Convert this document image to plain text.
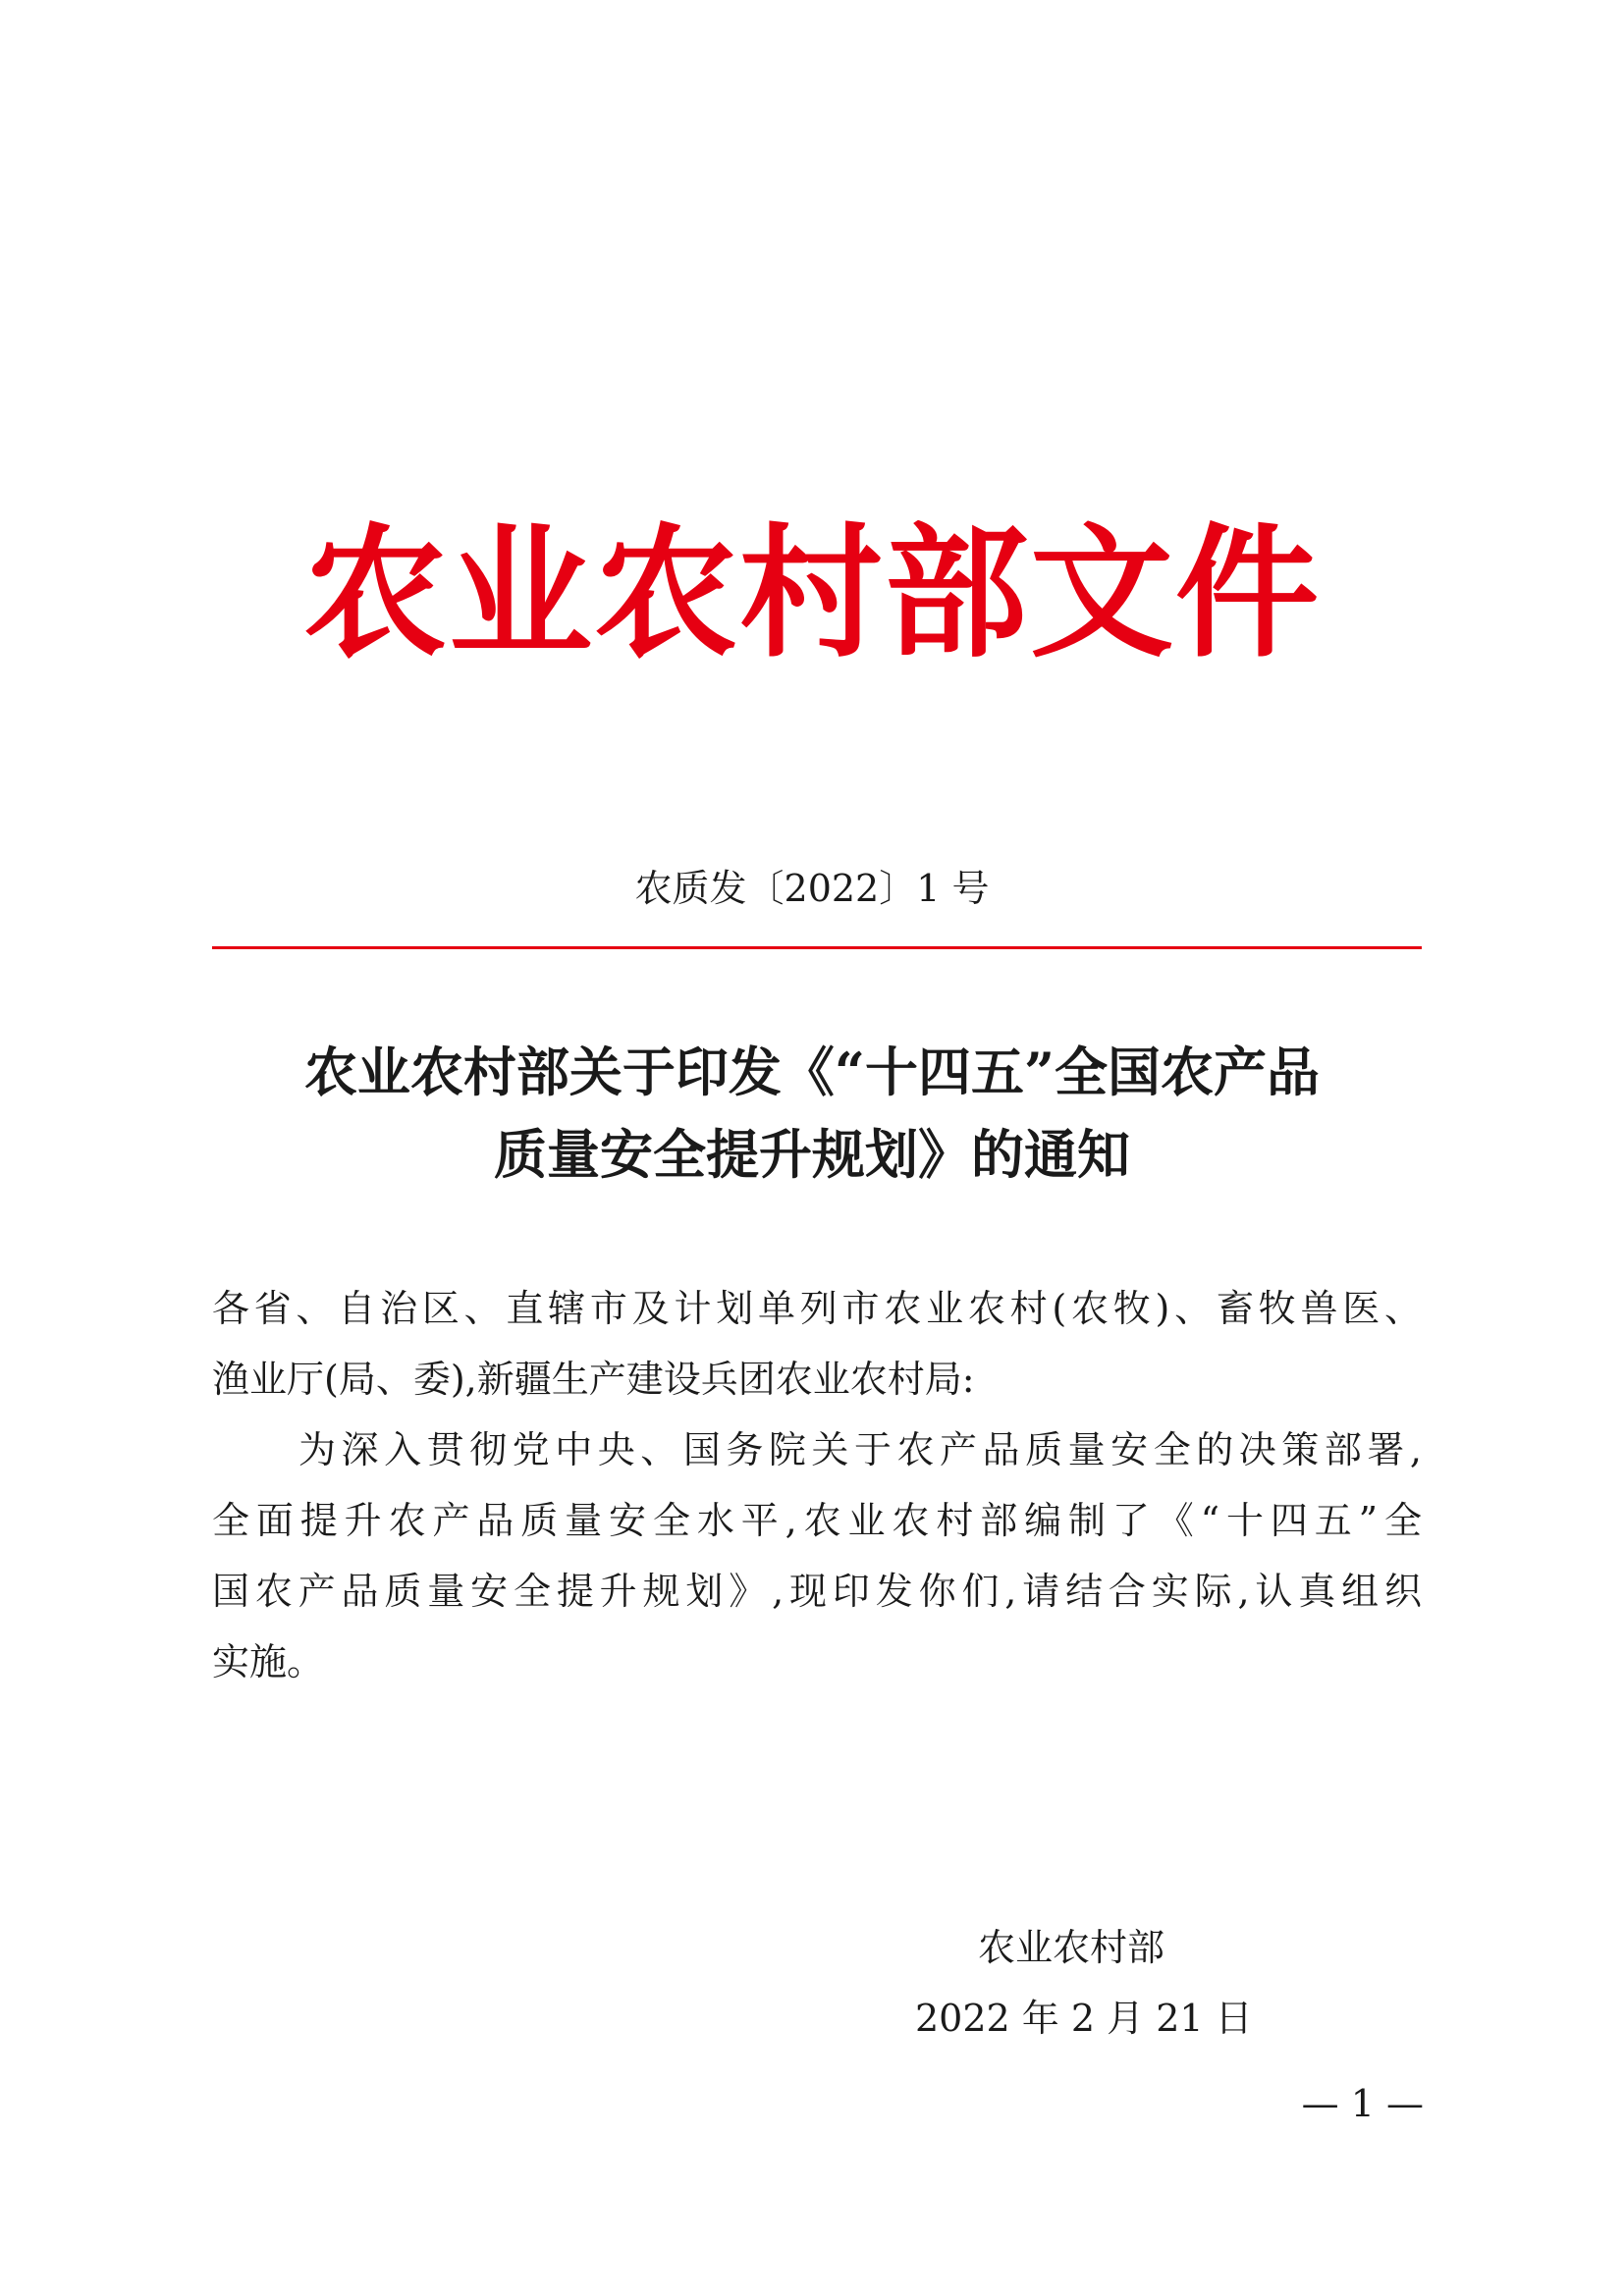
农业农村部文件
农质发〔2022〕1 号
农业农村部关于印发《“十四五”全国农产品
质量安全提升规划》的通知
各省、自治区、直辖市及计划单列市农业农村(农牧)、畜牧兽医、
渔业厅(局、委),新疆生产建设兵团农业农村局:
为深入贯彻党中央、国务院关于农产品质量安全的决策部署,
全面提升农产品质量安全水平,农业农村部编制了《“十四五”全
国农产品质量安全提升规划》,现印发你们,请结合实际,认真组织
实施。
农业农村部
2022 年 2 月 21 日
— 1 —
